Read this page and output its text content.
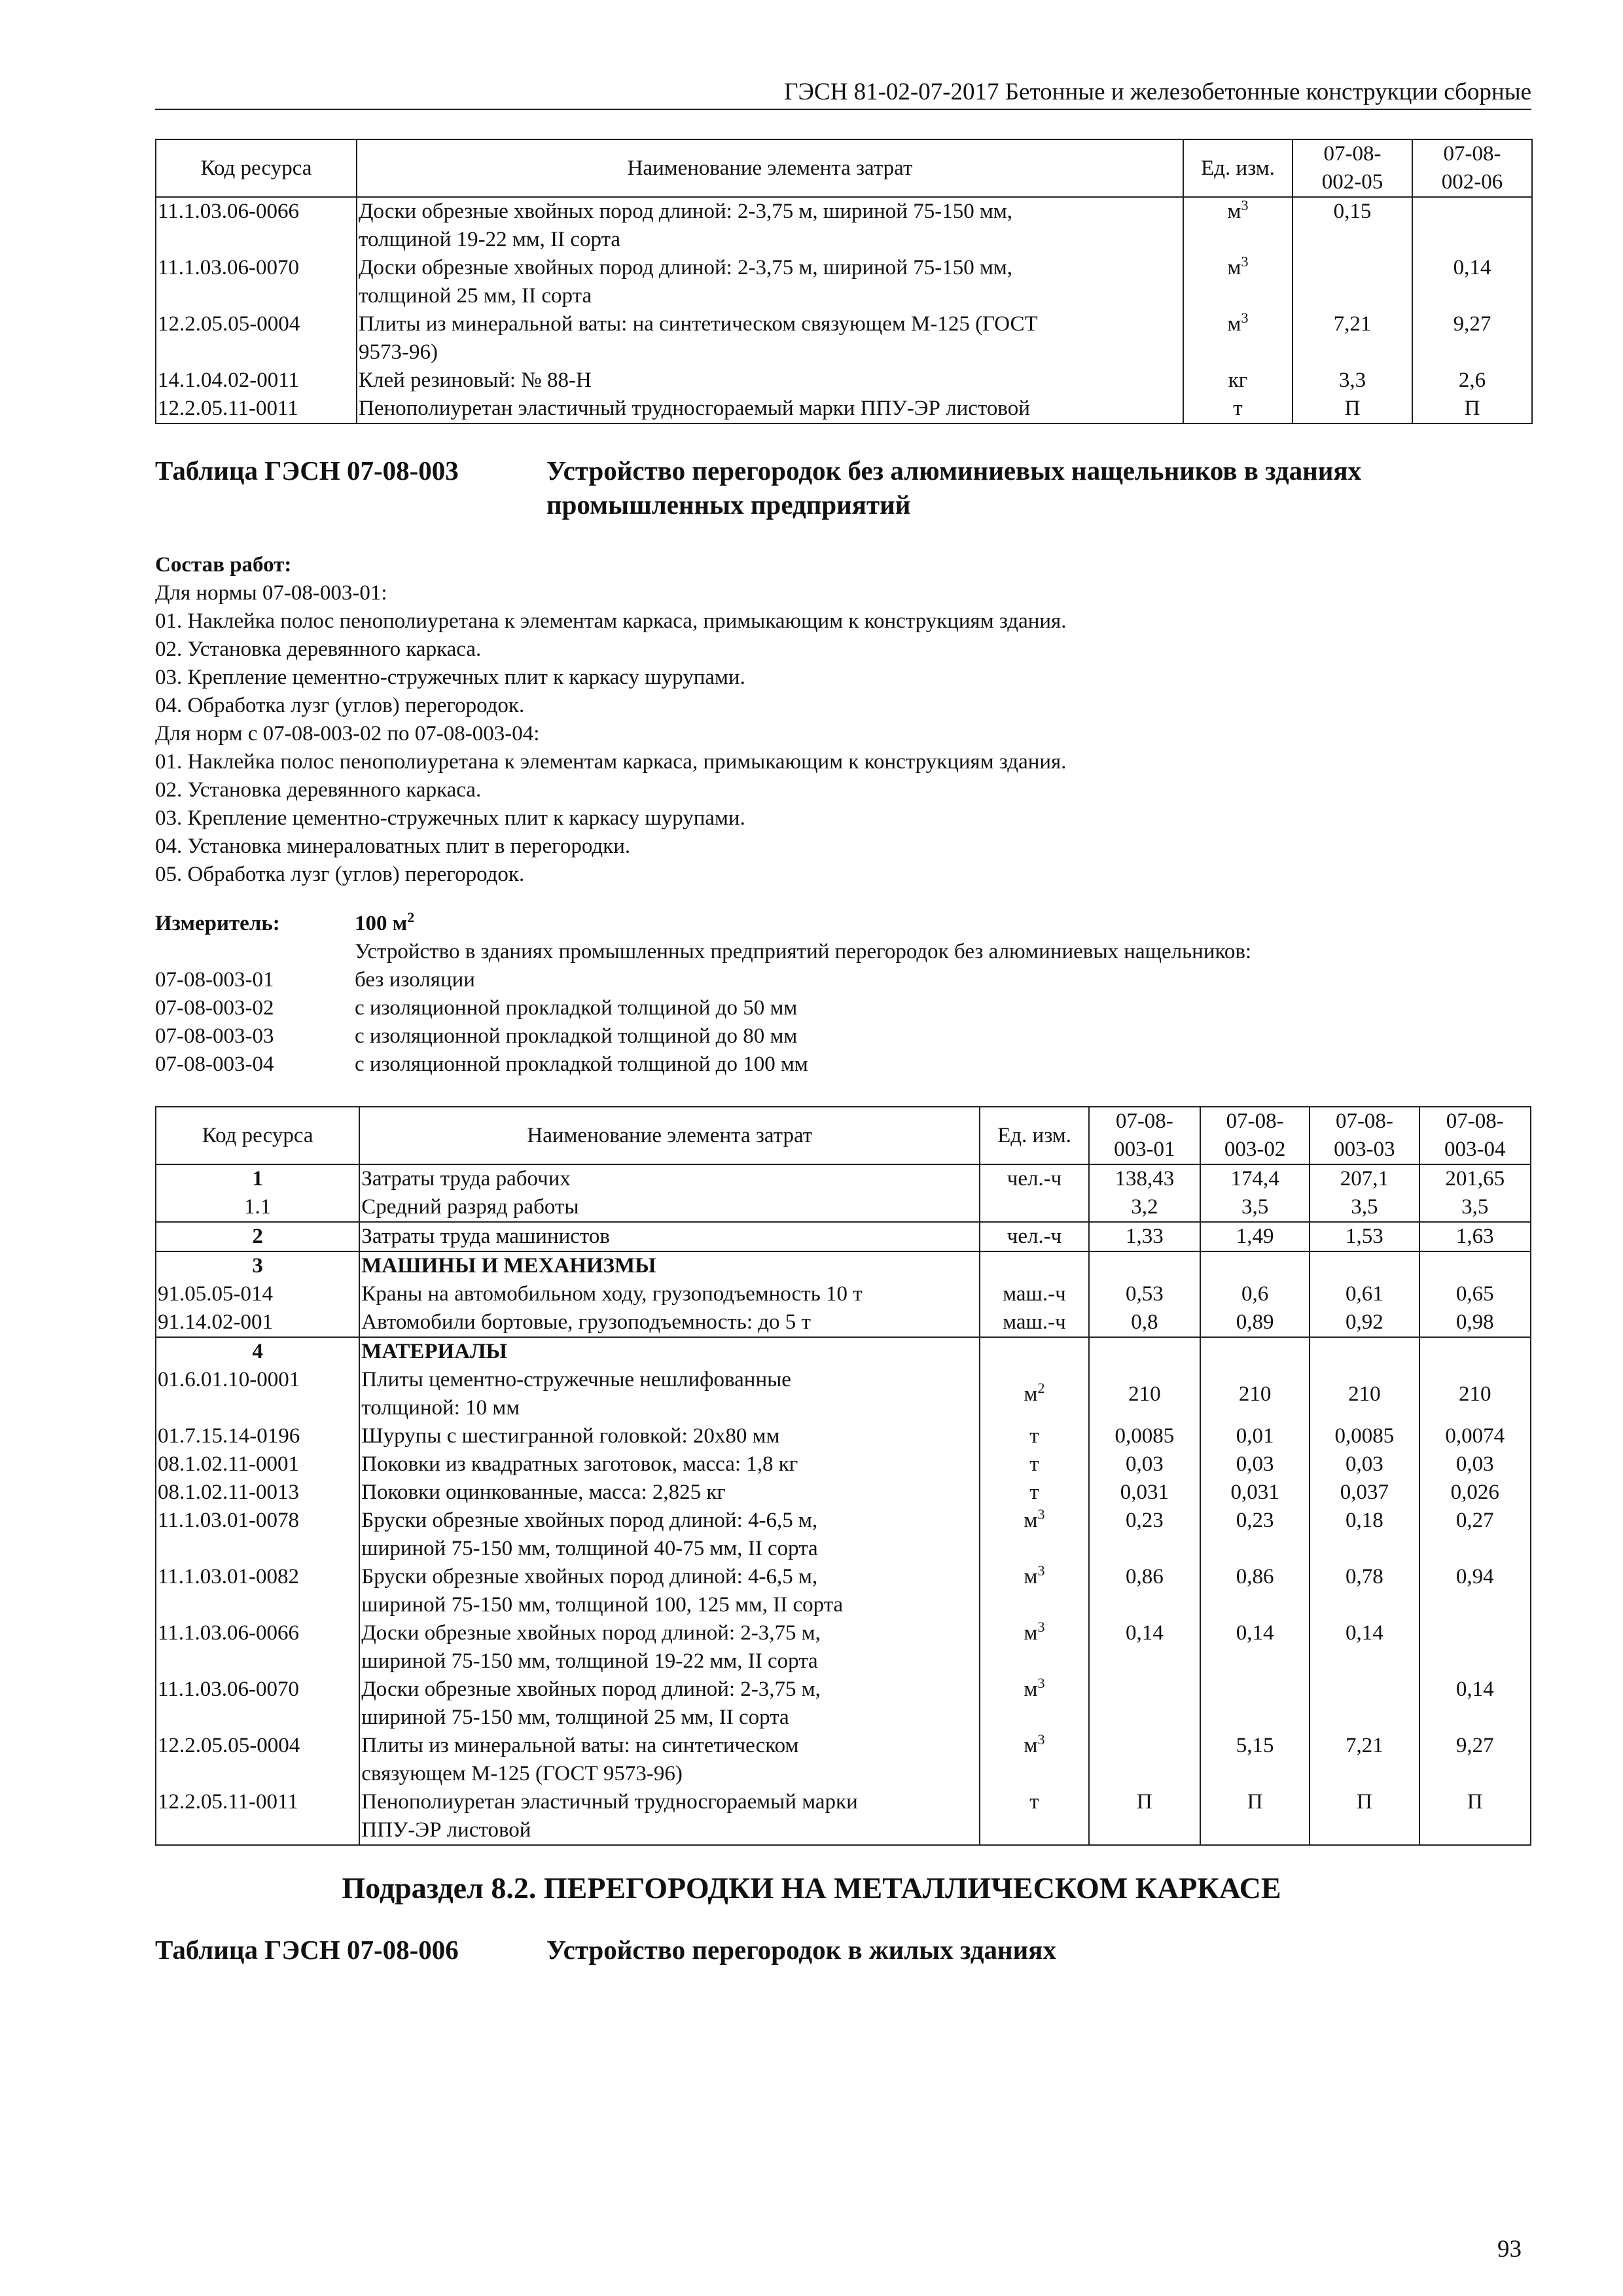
ГЭСН 81-02-07-2017 Бетонные и железобетонные конструкции сборные
Код ресурса	Наименование элемента затрат	Ед. изм.	07-08-
002-05	07-08-
002-06
11.1.03.06-0066	Доски обрезные хвойных пород длиной: 2-3,75 м, шириной 75-150 мм,
толщиной 19-22 мм, II сорта	$м^3$	0,15	
11.1.03.06-0070	Доски обрезные хвойных пород длиной: 2-3,75 м, шириной 75-150 мм,
толщиной 25 мм, II сорта	$м^3$		0,14
12.2.05.05-0004	Плиты из минеральной ваты: на синтетическом связующем М-125 (ГОСТ
9573-96)	$м^3$	7,21	9,27
14.1.04.02-0011	Клей резиновый: № 88-Н	кг	3,3	2,6
12.2.05.11-0011	Пенополиуретан эластичный трудносгораемый марки ППУ-ЭР листовой	т	П	П
Таблица ГЭСН 07-08-003	Устройство перегородок без алюминиевых нащельников в зданиях
промышленных предприятий
Состав работ:
Для нормы 07-08-003-01:
01. Наклейка полос пенополиуретана к элементам каркаса, примыкающим к конструкциям здания.
02. Установка деревянного каркаса.
03. Крепление цементно-стружечных плит к каркасу шурупами.
04. Обработка лузг (углов) перегородок.
Для норм с 07-08-003-02 по 07-08-003-04:
01. Наклейка полос пенополиуретана к элементам каркаса, примыкающим к конструкциям здания.
02. Установка деревянного каркаса.
03. Крепление цементно-стружечных плит к каркасу шурупами.
04. Установка минераловатных плит в перегородки.
05. Обработка лузг (углов) перегородок.
Измеритель:	100 $м^2$
Устройство в зданиях промышленных предприятий перегородок без алюминиевых нащельников:
07-08-003-01	без изоляции
07-08-003-02	с изоляционной прокладкой толщиной до 50 мм
07-08-003-03	с изоляционной прокладкой толщиной до 80 мм
07-08-003-04	с изоляционной прокладкой толщиной до 100 мм
Код ресурса	Наименование элемента затрат	Ед. изм.	07-08-
003-01	07-08-
003-02	07-08-
003-03	07-08-
003-04
1	Затраты труда рабочих	чел.-ч	138,43	174,4	207,1	201,65
1.1	Средний разряд работы		3,2	3,5	3,5	3,5
2	Затраты труда машинистов	чел.-ч	1,33	1,49	1,53	1,63
3	МАШИНЫ И МЕХАНИЗМЫ					
91.05.05-014	Краны на автомобильном ходу, грузоподъемность 10 т	маш.-ч	0,53	0,6	0,61	0,65
91.14.02-001	Автомобили бортовые, грузоподъемность: до 5 т	маш.-ч	0,8	0,89	0,92	0,98
4	МАТЕРИАЛЫ					
01.6.01.10-0001	Плиты цементно-стружечные нешлифованные
толщиной: 10 мм	$м^2$	210	210	210	210
01.7.15.14-0196	Шурупы с шестигранной головкой: 20х80 мм	т	0,0085	0,01	0,0085	0,0074
08.1.02.11-0001	Поковки из квадратных заготовок, масса: 1,8 кг	т	0,03	0,03	0,03	0,03
08.1.02.11-0013	Поковки оцинкованные, масса: 2,825 кг	т	0,031	0,031	0,037	0,026
11.1.03.01-0078	Бруски обрезные хвойных пород длиной: 4-6,5 м,
шириной 75-150 мм, толщиной 40-75 мм, II сорта	$м^3$	0,23	0,23	0,18	0,27
11.1.03.01-0082	Бруски обрезные хвойных пород длиной: 4-6,5 м,
шириной 75-150 мм, толщиной 100, 125 мм, II сорта	$м^3$	0,86	0,86	0,78	0,94
11.1.03.06-0066	Доски обрезные хвойных пород длиной: 2-3,75 м,
шириной 75-150 мм, толщиной 19-22 мм, II сорта	$м^3$	0,14	0,14	0,14	
11.1.03.06-0070	Доски обрезные хвойных пород длиной: 2-3,75 м,
шириной 75-150 мм, толщиной 25 мм, II сорта	$м^3$				0,14
12.2.05.05-0004	Плиты из минеральной ваты: на синтетическом
связующем М-125 (ГОСТ 9573-96)	$м^3$		5,15	7,21	9,27
12.2.05.11-0011	Пенополиуретан эластичный трудносгораемый марки
ППУ-ЭР листовой	т	П	П	П	П
Подраздел 8.2. ПЕРЕГОРОДКИ НА МЕТАЛЛИЧЕСКОМ КАРКАСЕ
Таблица ГЭСН 07-08-006	Устройство перегородок в жилых зданиях
93
